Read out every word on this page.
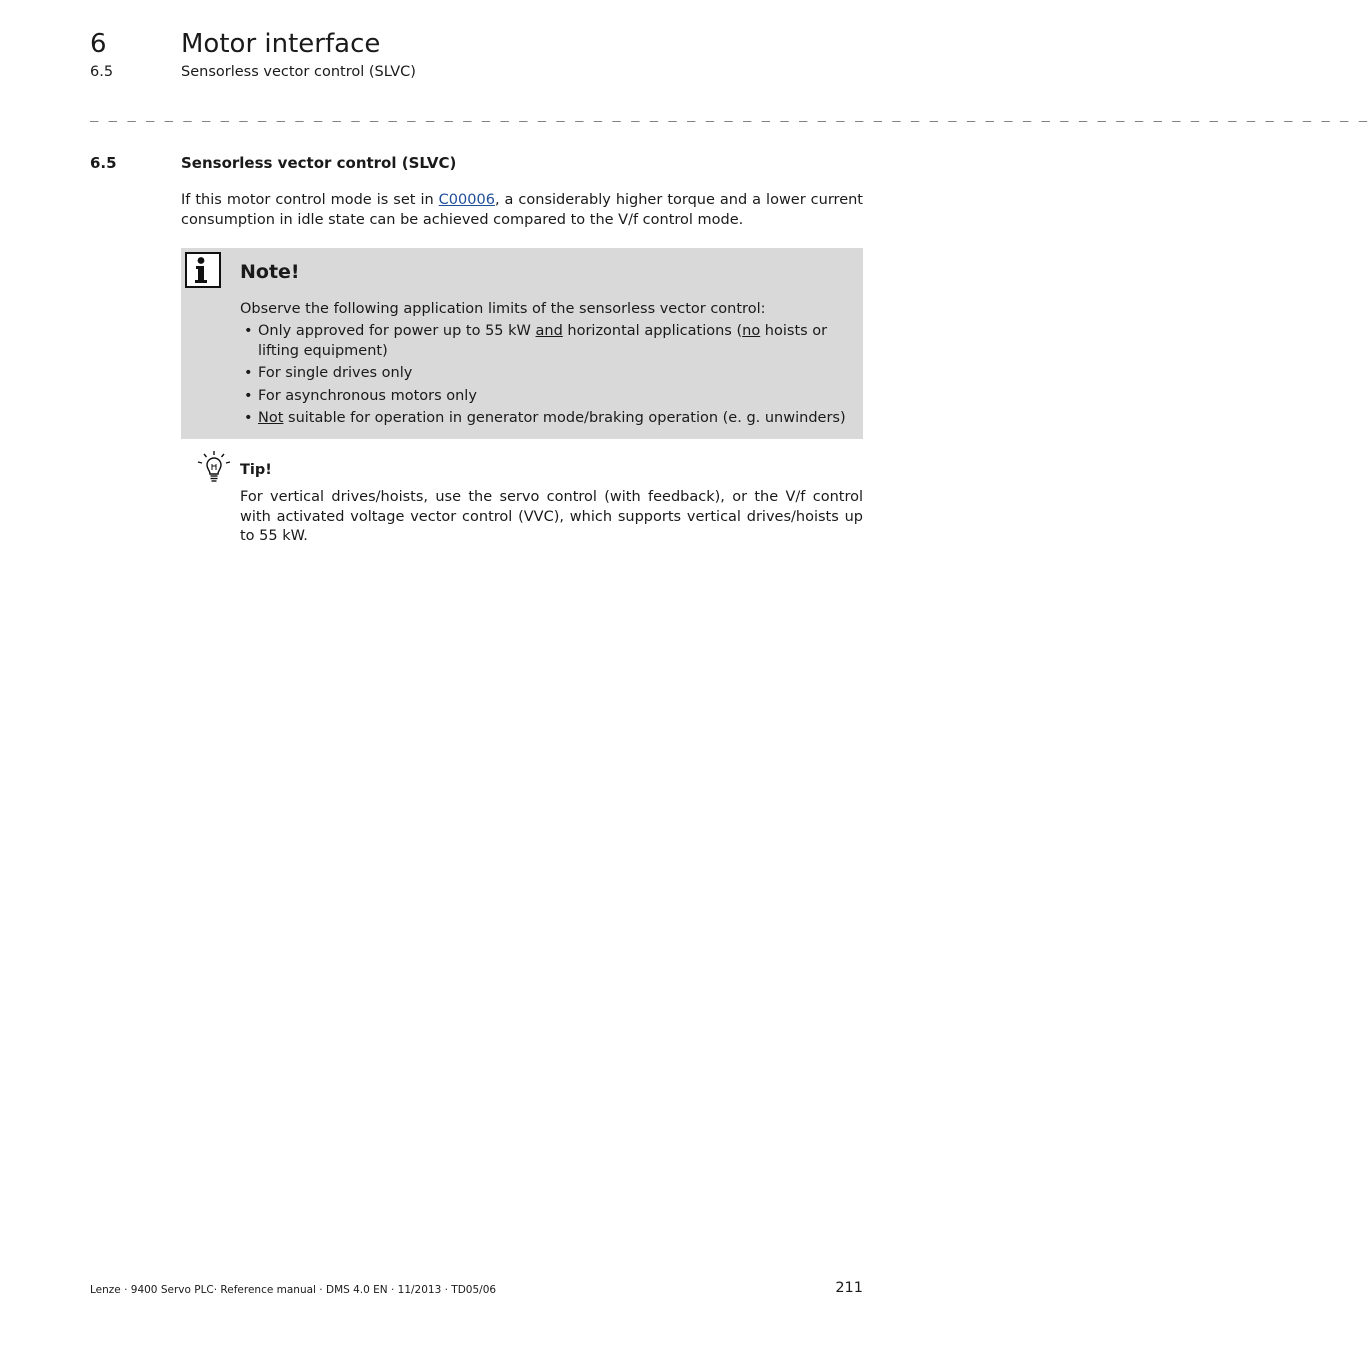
6	Motor interface
6.5	Sensorless vector control (SLVC)
_ _ _ _ _ _ _ _ _ _ _ _ _ _ _ _ _ _ _ _ _ _ _ _ _ _ _ _ _ _ _ _ _ _ _ _ _ _ _ _ _ _ _ _ _ _ _ _ _ _ _ _ _ _ _ _ _ _ _ _ _ _ _ _ _ _ _ _ _
6.5	Sensorless vector control (SLVC)
If this motor control mode is set in C00006, a considerably higher torque and a lower current consumption in idle state can be achieved compared to the V/f control mode.
Note!
Observe the following application limits of the sensorless vector control:
• Only approved for power up to 55 kW and horizontal applications (no hoists or lifting equipment)
• For single drives only
• For asynchronous motors only
• Not suitable for operation in generator mode/braking operation (e. g. unwinders)
Tip!
For vertical drives/hoists, use the servo control (with feedback), or the V/f control with activated voltage vector control (VVC), which supports vertical drives/hoists up to 55 kW.
Lenze · 9400 Servo PLC· Reference manual · DMS 4.0 EN · 11/2013 · TD05/06	211
